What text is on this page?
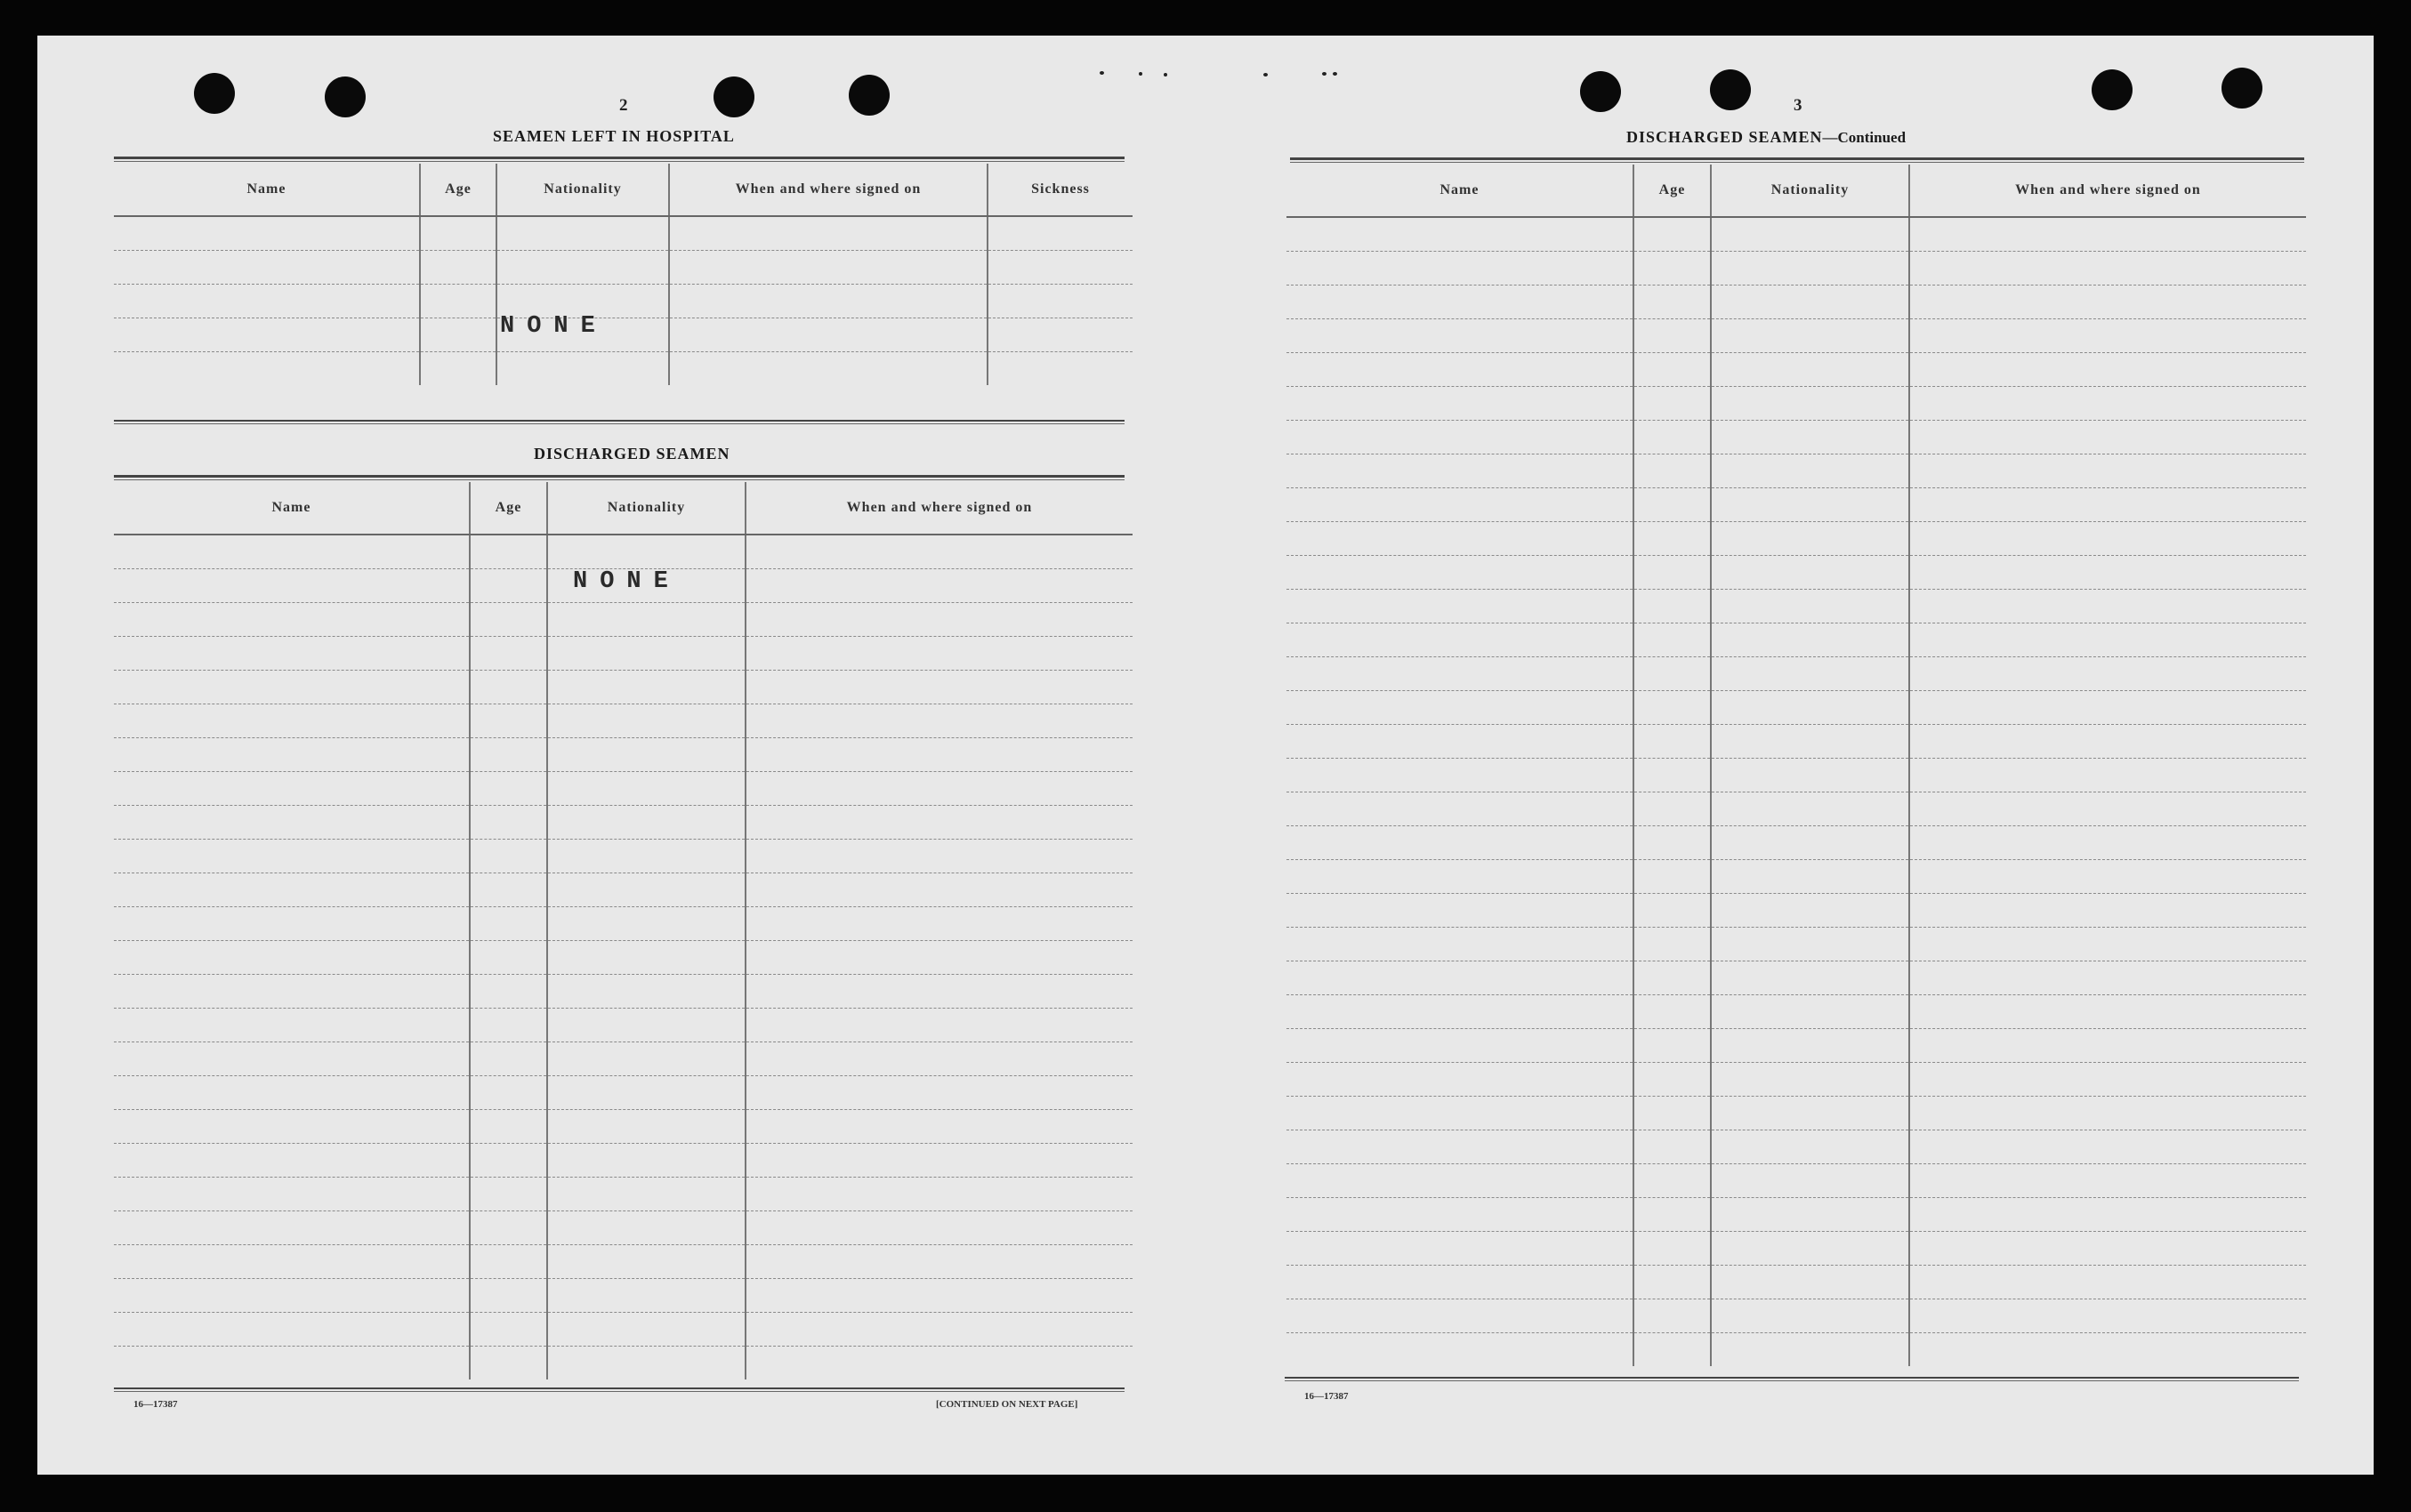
2
SEAMEN LEFT IN HOSPITAL
Name	Age	Nationality	When and where signed on	Sickness

NONE
DISCHARGED SEAMEN
Name	Age	Nationality	When and where signed on

NONE
16—17387	[CONTINUED ON NEXT PAGE]
3
DISCHARGED SEAMEN—Continued
Name	Age	Nationality	When and where signed on

16—17387
